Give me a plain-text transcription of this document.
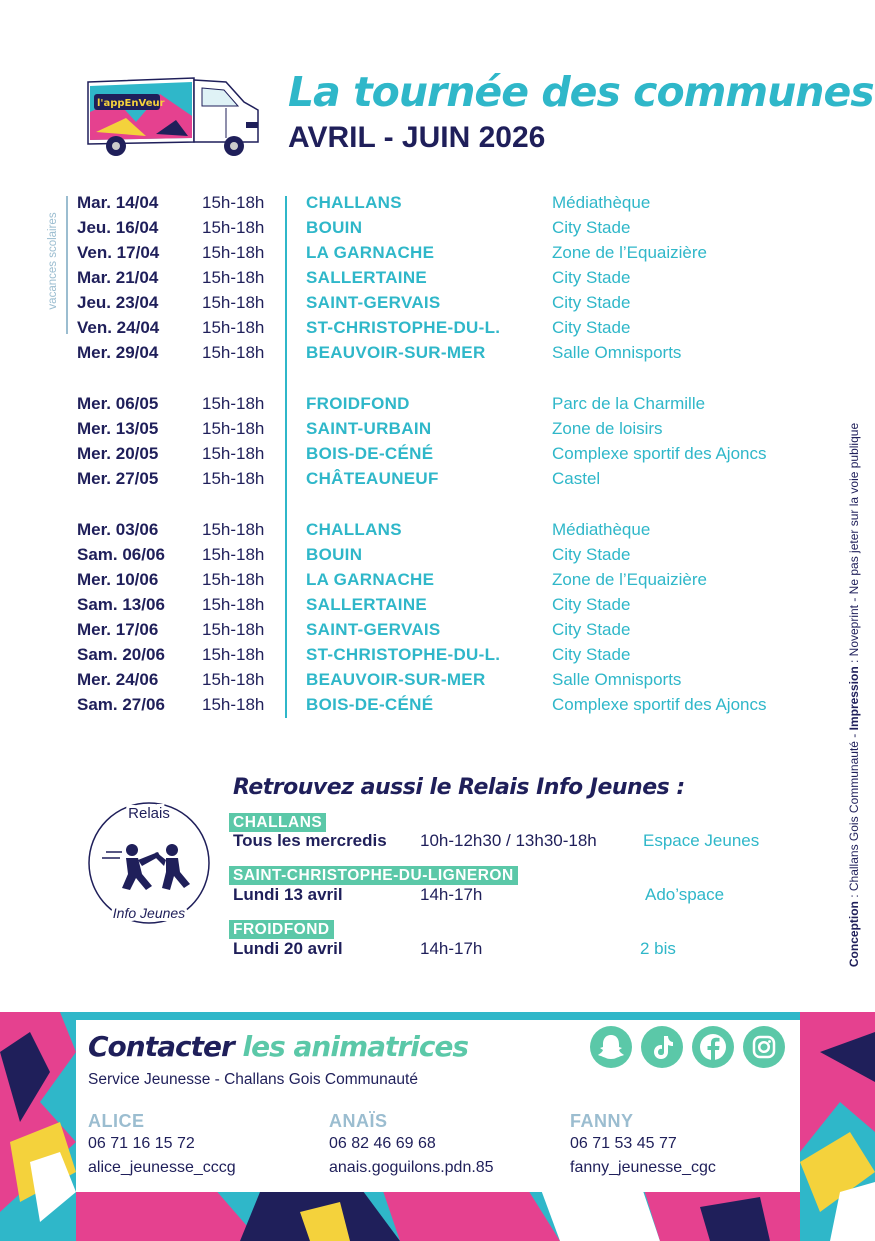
l'appEnVeur	La tournée des communes
AVRIL - JUIN 2026
vacances scolaires
Mar. 14/04	15h-18h CHALLANS	Médiathèque
Jeu. 16/04	15h-18h BOUIN	City Stade
Ven. 17/04	15h-18h LA GARNACHE	Zone de l’Equaizière
Mar. 21/04	15h-18h SALLERTAINE	City Stade
Jeu. 23/04	15h-18h SAINT-GERVAIS	City Stade
Ven. 24/04	15h-18h ST-CHRISTOPHE-DU-L.	City Stade
Mer. 29/04	15h-18h BEAUVOIR-SUR-MER	Salle Omnisports
Mer. 06/05	15h-18h FROIDFOND	Parc de la Charmille
Mer. 13/05	15h-18h SAINT-URBAIN	Zone de loisirs
Mer. 20/05	15h-18h BOIS-DE-CÉNÉ	Complexe sportif des Ajoncs
Mer. 27/05	15h-18h CHÂTEAUNEUF	Castel
Mer. 03/06	15h-18h CHALLANS	Médiathèque
Sam. 06/06 15h-18h BOUIN	City Stade
Mer. 10/06	15h-18h LA GARNACHE	Zone de l’Equaizière
Sam. 13/06 15h-18h SALLERTAINE	City Stade
Mer. 17/06	15h-18h SAINT-GERVAIS	City Stade
Sam. 20/06 15h-18h ST-CHRISTOPHE-DU-L.	City Stade
Mer. 24/06	15h-18h BEAUVOIR-SUR-MER	Salle Omnisports
Sam. 27/06 15h-18h BOIS-DE-CÉNÉ	Complexe sportif des Ajoncs
Relais
Info Jeunes
Retrouvez aussi le Relais Info Jeunes :
CHALLANS
Tous les mercredis 10h-12h30 / 13h30-18h	Espace Jeunes
SAINT-CHRISTOPHE-DU-LIGNERON
Lundi 13 avril	14h-17h	Ado’space
FROIDFOND
Lundi 20 avril	14h-17h	2 bis	Conception : Challans Gois Communauté - Impression : Noveprint - Ne pas jeter sur la voie publique
Contacter les animatrices
Service Jeunesse - Challans Gois Communauté
ALICE
06 71 16 15 72
alice_jeunesse_cccg
ANAÏS
06 82 46 69 68
anais.goguilons.pdn.85
FANNY
06 71 53 45 77
fanny_jeunesse_cgc
